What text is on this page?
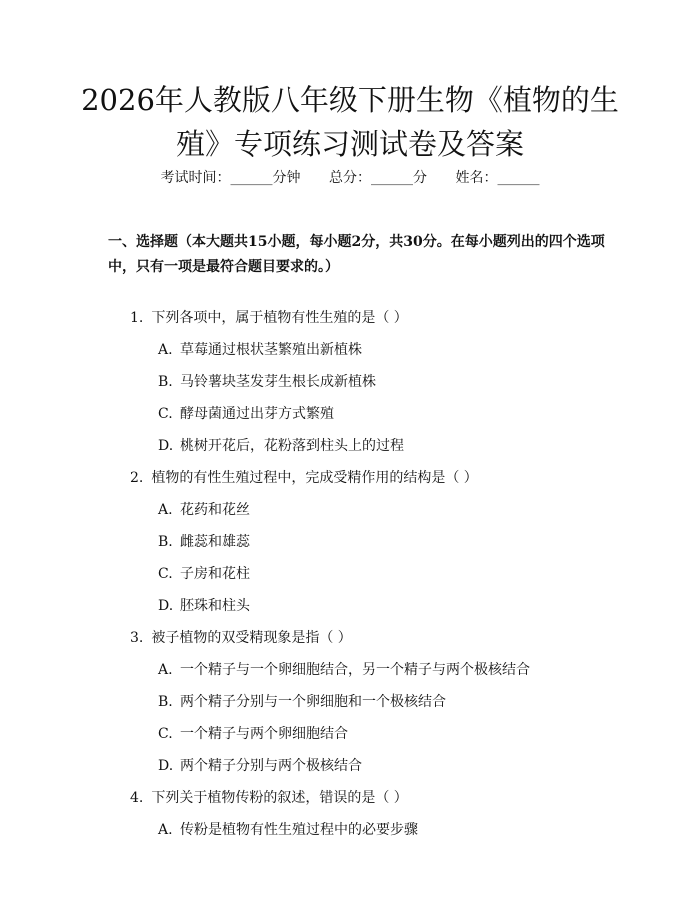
2026年人教版八年级下册生物《植物的生
殖》专项练习测试卷及答案
考试时间：______分钟 总分：______分 姓名：______

一、选择题（本大题共15小题，每小题2分，共30分。在每小题列出的四个选项中，只有一项是最符合题目要求的。）

1. 下列各项中，属于植物有性生殖的是（ ）
A. 草莓通过根状茎繁殖出新植株
B. 马铃薯块茎发芽生根长成新植株
C. 酵母菌通过出芽方式繁殖
D. 桃树开花后，花粉落到柱头上的过程
2. 植物的有性生殖过程中，完成受精作用的结构是（ ）
A. 花药和花丝
B. 雌蕊和雄蕊
C. 子房和花柱
D. 胚珠和柱头
3. 被子植物的双受精现象是指（ ）
A. 一个精子与一个卵细胞结合，另一个精子与两个极核结合
B. 两个精子分别与一个卵细胞和一个极核结合
C. 一个精子与两个卵细胞结合
D. 两个精子分别与两个极核结合
4. 下列关于植物传粉的叙述，错误的是（ ）
A. 传粉是植物有性生殖过程中的必要步骤
